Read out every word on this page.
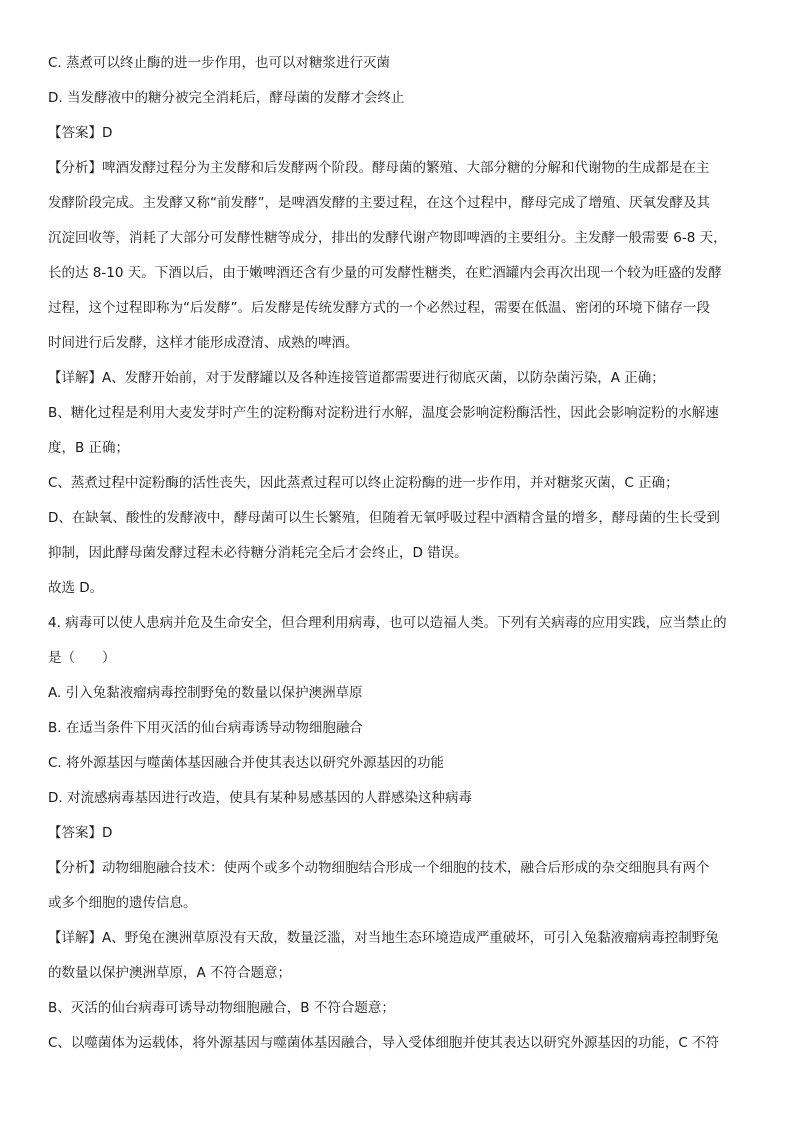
C. 蒸煮可以终止酶的进一步作用，也可以对糖浆进行灭菌

D. 当发酵液中的糖分被完全消耗后，酵母菌的发酵才会终止

【答案】D

【分析】啤酒发酵过程分为主发酵和后发酵两个阶段。酵母菌的繁殖、大部分糖的分解和代谢物的生成都是在主

发酵阶段完成。主发酵又称“前发酵”，是啤酒发酵的主要过程，在这个过程中，酵母完成了增殖、厌氧发酵及其

沉淀回收等，消耗了大部分可发酵性糖等成分，排出的发酵代谢产物即啤酒的主要组分。主发酵一般需要 6-8 天，

长的达 8-10 天。下酒以后，由于嫩啤酒还含有少量的可发酵性糖类，在贮酒罐内会再次出现一个较为旺盛的发酵

过程，这个过程即称为“后发酵”。后发酵是传统发酵方式的一个必然过程，需要在低温、密闭的环境下储存一段

时间进行后发酵，这样才能形成澄清、成熟的啤酒。

【详解】A、发酵开始前，对于发酵罐以及各种连接管道都需要进行彻底灭菌，以防杂菌污染，A 正确；

B、糖化过程是利用大麦发芽时产生的淀粉酶对淀粉进行水解，温度会影响淀粉酶活性，因此会影响淀粉的水解速

度，B 正确；

C、蒸煮过程中淀粉酶的活性丧失，因此蒸煮过程可以终止淀粉酶的进一步作用，并对糖浆灭菌，C 正确；

D、在缺氧、酸性的发酵液中，酵母菌可以生长繁殖，但随着无氧呼吸过程中酒精含量的增多，酵母菌的生长受到

抑制，因此酵母菌发酵过程未必待糖分消耗完全后才会终止，D 错误。

故选 D。

4. 病毒可以使人患病并危及生命安全，但合理利用病毒，也可以造福人类。下列有关病毒的应用实践，应当禁止的

是（　　）

A. 引入兔黏液瘤病毒控制野兔的数量以保护澳洲草原

B. 在适当条件下用灭活的仙台病毒诱导动物细胞融合

C. 将外源基因与噬菌体基因融合并使其表达以研究外源基因的功能

D. 对流感病毒基因进行改造，使具有某种易感基因的人群感染这种病毒

【答案】D

【分析】动物细胞融合技术：使两个或多个动物细胞结合形成一个细胞的技术，融合后形成的杂交细胞具有两个

或多个细胞的遗传信息。

【详解】A、野兔在澳洲草原没有天敌，数量泛滥，对当地生态环境造成严重破坏，可引入兔黏液瘤病毒控制野兔

的数量以保护澳洲草原，A 不符合题意；

B、灭活的仙台病毒可诱导动物细胞融合，B 不符合题意；

C、以噬菌体为运载体，将外源基因与噬菌体基因融合，导入受体细胞并使其表达以研究外源基因的功能，C 不符
